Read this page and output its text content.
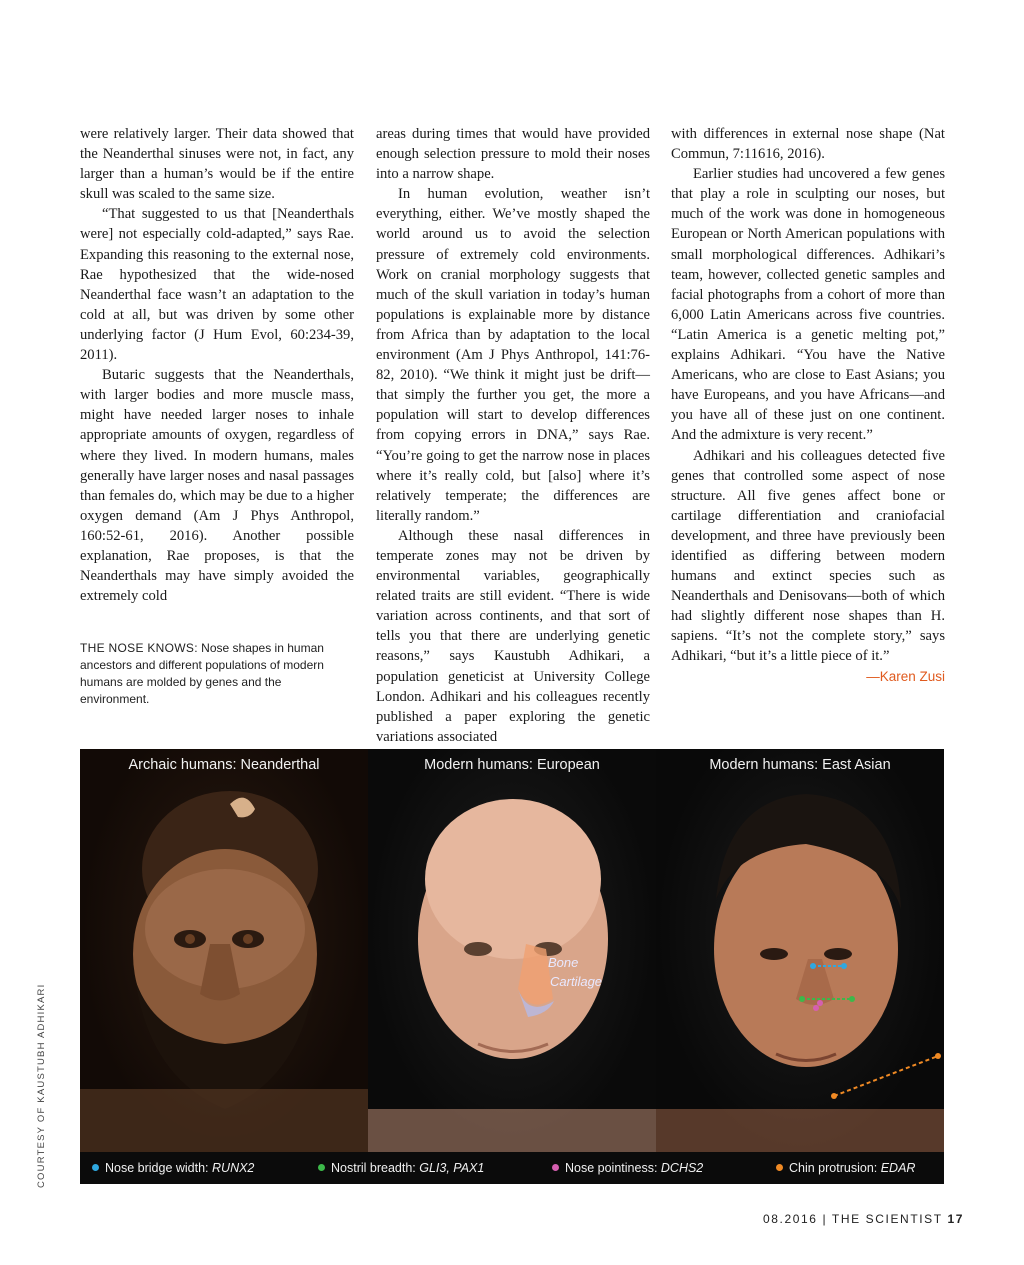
were relatively larger. Their data showed that the Neanderthal sinuses were not, in fact, any larger than a human’s would be if the entire skull was scaled to the same size.

“That suggested to us that [Neanderthals were] not especially cold-adapted,” says Rae. Expanding this reasoning to the external nose, Rae hypothesized that the wide-nosed Neanderthal face wasn’t an adaptation to the cold at all, but was driven by some other underlying factor (J Hum Evol, 60:234-39, 2011).

Butaric suggests that the Neanderthals, with larger bodies and more muscle mass, might have needed larger noses to inhale appropriate amounts of oxygen, regardless of where they lived. In modern humans, males generally have larger noses and nasal passages than females do, which may be due to a higher oxygen demand (Am J Phys Anthropol, 160:52-61, 2016). Another possible explanation, Rae proposes, is that the Neanderthals may have simply avoided the extremely cold

areas during times that would have provided enough selection pressure to mold their noses into a narrow shape.

In human evolution, weather isn’t everything, either. We’ve mostly shaped the world around us to avoid the selection pressure of extremely cold environments. Work on cranial morphology suggests that much of the skull variation in today’s human populations is explainable more by distance from Africa than by adaptation to the local environment (Am J Phys Anthropol, 141:76-82, 2010). “We think it might just be drift—that simply the further you get, the more a population will start to develop differences from copying errors in DNA,” says Rae. “You’re going to get the narrow nose in places where it’s really cold, but [also] where it’s relatively temperate; the differences are literally random.”

Although these nasal differences in temperate zones may not be driven by environmental variables, geographically related traits are still evident. “There is wide variation across continents, and that sort of tells you that there are underlying genetic reasons,” says Kaustubh Adhikari, a population geneticist at University College London. Adhikari and his colleagues recently published a paper exploring the genetic variations associated

with differences in external nose shape (Nat Commun, 7:11616, 2016).

Earlier studies had uncovered a few genes that play a role in sculpting our noses, but much of the work was done in homogeneous European or North American populations with small morphological differences. Adhikari’s team, however, collected genetic samples and facial photographs from a cohort of more than 6,000 Latin Americans across five countries. “Latin America is a genetic melting pot,” explains Adhikari. “You have the Native Americans, who are close to East Asians; you have Europeans, and you have Africans—and you have all of these just on one continent. And the admixture is very recent.”

Adhikari and his colleagues detected five genes that controlled some aspect of nose structure. All five genes affect bone or cartilage differentiation and craniofacial development, and three have previously been identified as differing between modern humans and extinct species such as Neanderthals and Denisovans—both of which had slightly different nose shapes than H. sapiens. “It’s not the complete story,” says Adhikari, “but it’s a little piece of it.”

—Karen Zusi
THE NOSE KNOWS: Nose shapes in human ancestors and different populations of modern humans are molded by genes and the environment.
COURTESY OF KAUSTUBH ADHIKARI
Archaic humans: Neanderthal
Bone
Cartilage
Modern humans: European	Modern humans: East Asian
Nose bridge width: RUNX2	Nostril breadth: GLI3, PAX1	Nose pointiness: DCHS2	Chin protrusion: EDAR
08.2016 | THE SCIENTIST 17
